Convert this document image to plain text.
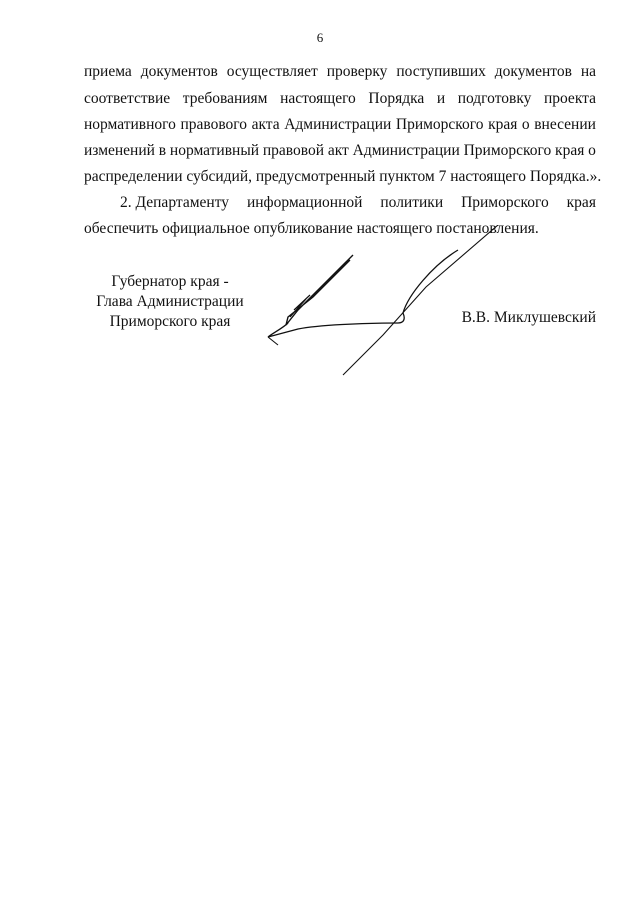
6
приема документов осуществляет проверку поступивших документов на
соответствие требованиям настоящего Порядка и подготовку проекта
нормативного правового акта Администрации Приморского края о внесении
изменений в нормативный правовой акт Администрации Приморского края о
распределении субсидий, предусмотренный пунктом 7 настоящего Порядка.».
2. Департаменту информационной политики Приморского края
обеспечить официальное опубликование настоящего постановления.
Губернатор края -
Глава Администрации
Приморского края	В.В. Миклушевский
